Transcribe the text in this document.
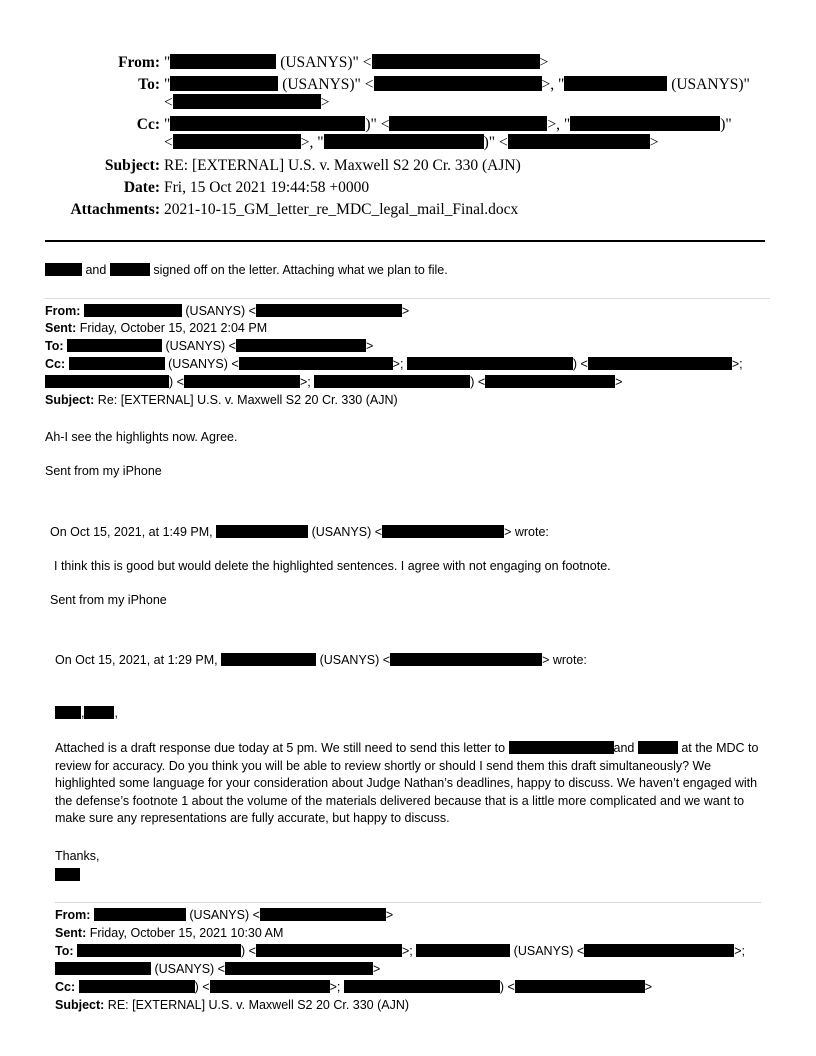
From: "	(USANYS)" <	>
To: "	(USANYS)" <	>, "	(USANYS)"
<	>
Cc: "	)" <	>, "	)"
<	>, "	)" <	>
Subject: RE: [EXTERNAL] U.S. v. Maxwell S2 20 Cr. 330 (AJN)
Date: Fri, 15 Oct 2021 19:44:58 +0000
Attachments: 2021-10-15_GM_letter_re_MDC_legal_mail_Final.docx
and	signed off on the letter. Attaching what we plan to file.
From:	(USANYS) <	>
Sent: Friday, October 15, 2021 2:04 PM
To:	(USANYS) <	>
Cc:	(USANYS) <	>;	) <	>;
) <	>;	) <	>
Subject: Re: [EXTERNAL] U.S. v. Maxwell S2 20 Cr. 330 (AJN)
Ah-I see the highlights now. Agree.
Sent from my iPhone
On Oct 15, 2021, at 1:49 PM,	(USANYS) <	> wrote:
I think this is good but would delete the highlighted sentences. I agree with not engaging on footnote.
Sent from my iPhone
On Oct 15, 2021, at 1:29 PM,	(USANYS) <	> wrote:
, ,
Attached is a draft response due today at 5 pm. We still need to send this letter to	and	at the MDC to review for accuracy. Do you think you will be able to review shortly or should I send them this draft simultaneously? We highlighted some language for your consideration about Judge Nathan’s deadlines, happy to discuss. We haven’t engaged with the defense’s footnote 1 about the volume of the materials delivered because that is a little more complicated and we want to make sure any representations are fully accurate, but happy to discuss.
Thanks,
From:	(USANYS) <	>
Sent: Friday, October 15, 2021 10:30 AM
To:	) <	>;	(USANYS) <	>;
(USANYS) <	>
Cc:	) <	>;	) <	>
Subject: RE: [EXTERNAL] U.S. v. Maxwell S2 20 Cr. 330 (AJN)
